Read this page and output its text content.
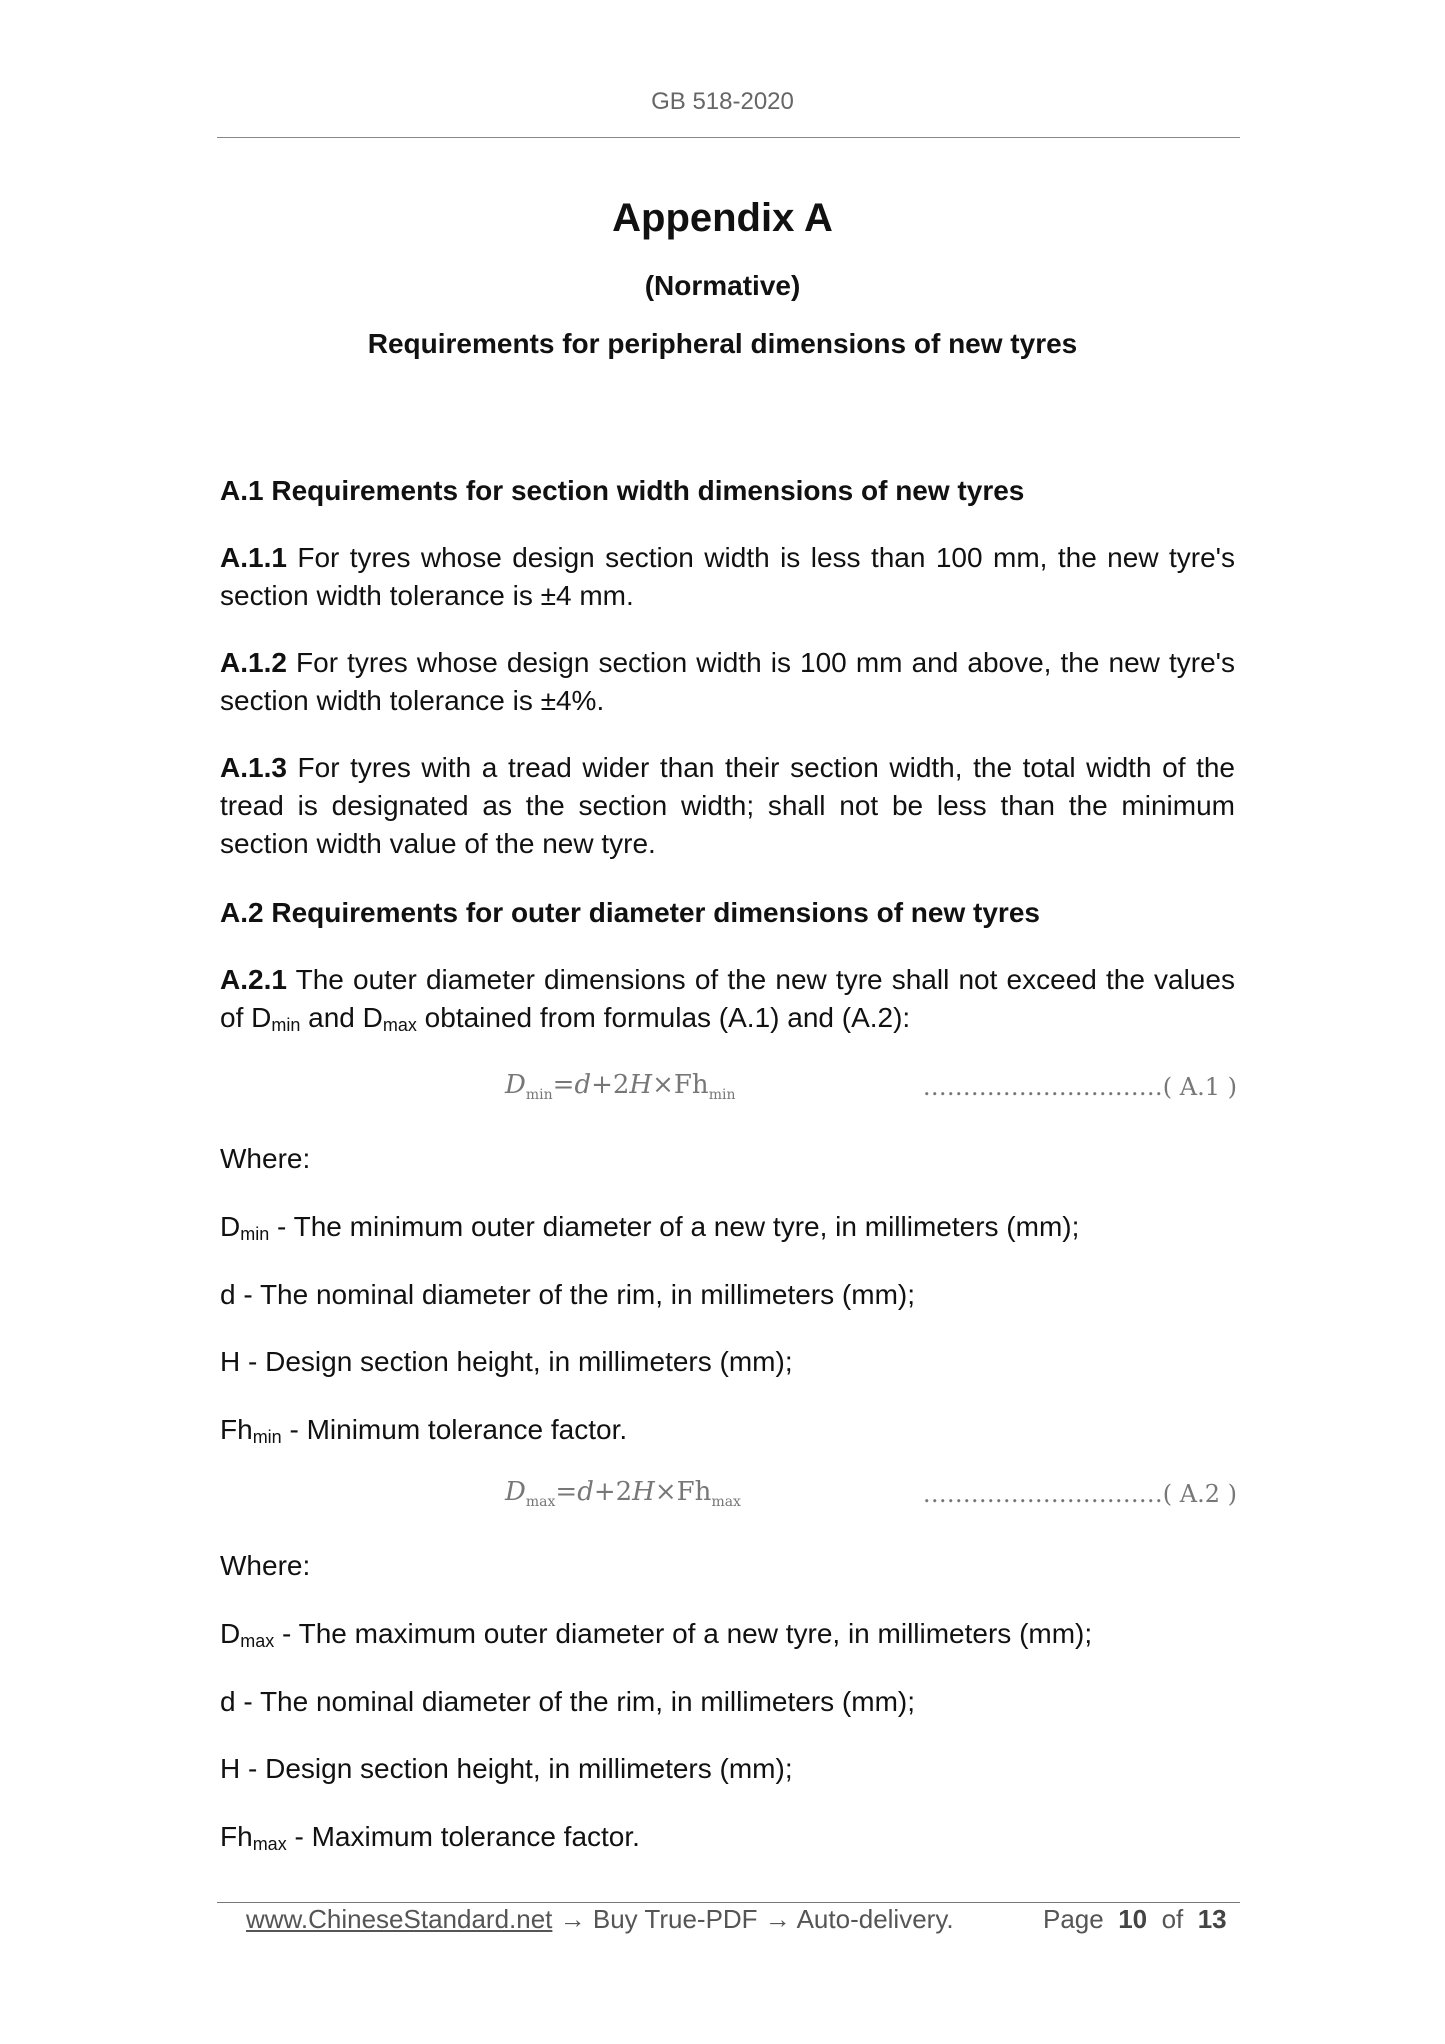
GB 518-2020
Appendix A
(Normative)
Requirements for peripheral dimensions of new tyres
A.1 Requirements for section width dimensions of new tyres
A.1.1 For tyres whose design section width is less than 100 mm, the new tyre's section width tolerance is ±4 mm.
A.1.2 For tyres whose design section width is 100 mm and above, the new tyre's section width tolerance is ±4%.
A.1.3 For tyres with a tread wider than their section width, the total width of the tread is designated as the section width; shall not be less than the minimum section width value of the new tyre.
A.2 Requirements for outer diameter dimensions of new tyres
A.2.1 The outer diameter dimensions of the new tyre shall not exceed the values of $D_{min}$ and $D_{max}$ obtained from formulas (A.1) and (A.2):
$D_{min}=d+2H\times Fh_{min}$	…………………………( A.1 )
Where:
$D_{min}$ - The minimum outer diameter of a new tyre, in millimeters (mm);
d - The nominal diameter of the rim, in millimeters (mm);
H - Design section height, in millimeters (mm);
$Fh_{min}$ - Minimum tolerance factor.
$D_{max}=d+2H\times Fh_{max}$	…………………………( A.2 )
Where:
$D_{max}$ - The maximum outer diameter of a new tyre, in millimeters (mm);
d - The nominal diameter of the rim, in millimeters (mm);
H - Design section height, in millimeters (mm);
$Fh_{max}$ - Maximum tolerance factor.
www.ChineseStandard.net → Buy True-PDF → Auto-delivery.	Page 10 of 13
